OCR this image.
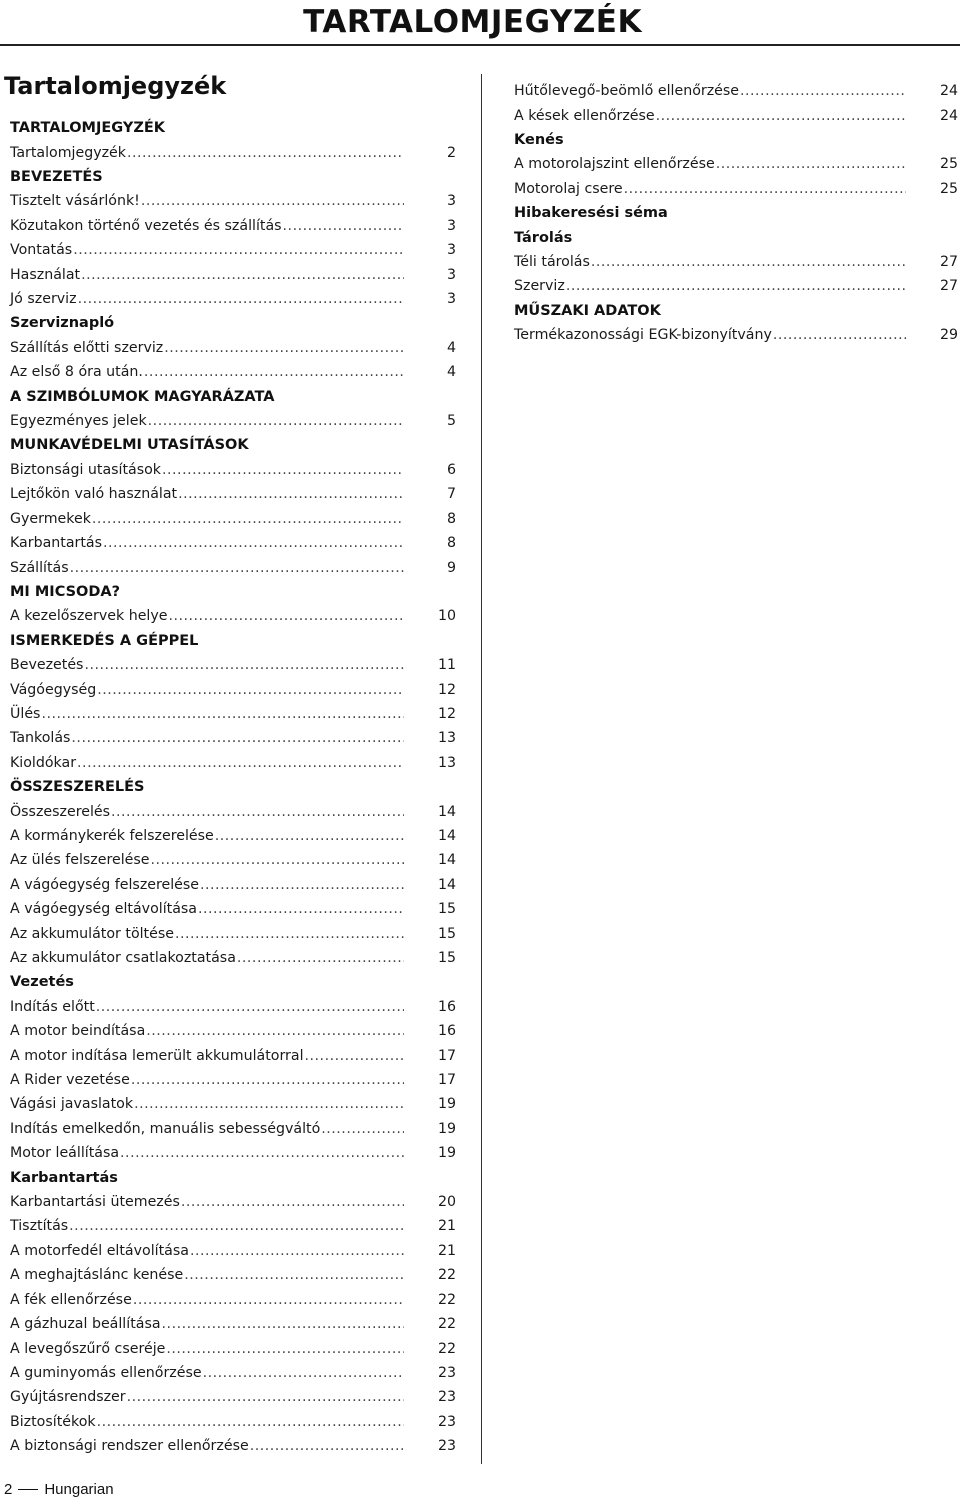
TARTALOMJEGYZÉK
Tartalomjegyzék
TARTALOMJEGYZÉK
Tartalomjegyzék .....	2
BEVEZETÉS
Tisztelt vásárlónk! .....	3
Közutakon történő vezetés és szállítás .....	3
Vontatás .....	3
Használat .....	3
Jó szerviz .....	3
Szerviznapló
Szállítás előtti szerviz .....	4
Az első 8 óra után. .....	4
A SZIMBÓLUMOK MAGYARÁZATA
Egyezményes jelek .....	5
MUNKAVÉDELMI UTASÍTÁSOK
Biztonsági utasítások .....	6
Lejtőkön való használat .....	7
Gyermekek .....	8
Karbantartás .....	8
Szállítás .....	9
MI MICSODA?
A kezelőszervek helye .....	10
ISMERKEDÉS A GÉPPEL
Bevezetés .....	11
Vágóegység .....	12
Ülés .....	12
Tankolás .....	13
Kioldókar .....	13
ÖSSZESZERELÉS
Összeszerelés .....	14
A kormánykerék felszerelése .....	14
Az ülés felszerelése .....	14
A vágóegység felszerelése .....	14
A vágóegység eltávolítása .....	15
Az akkumulátor töltése .....	15
Az akkumulátor csatlakoztatása .....	15
Vezetés
Indítás előtt .....	16
A motor beindítása .....	16
A motor indítása lemerült akkumulátorral .....	17
A Rider vezetése .....	17
Vágási javaslatok .....	19
Indítás emelkedőn, manuális sebességváltó .....	19
Motor leállítása .....	19
Karbantartás
Karbantartási ütemezés .....	20
Tisztítás .....	21
A motorfedél eltávolítása .....	21
A meghajtáslánc kenése .....	22
A fék ellenőrzése .....	22
A gázhuzal beállítása .....	22
A levegőszűrő cseréje .....	22
A guminyomás ellenőrzése .....	23
Gyújtásrendszer .....	23
Biztosítékok .....	23
A biztonsági rendszer ellenőrzése .....	23
Hűtőlevegő-beömlő ellenőrzése .....	24
A kések ellenőrzése .....	24
Kenés
A motorolajszint ellenőrzése .....	25
Motorolaj csere .....	25
Hibakeresési séma
Tárolás
Téli tárolás .....	27
Szerviz .....	27
MŰSZAKI ADATOK
Termékazonossági EGK-bizonyítvány .....	29
2 Hungarian
